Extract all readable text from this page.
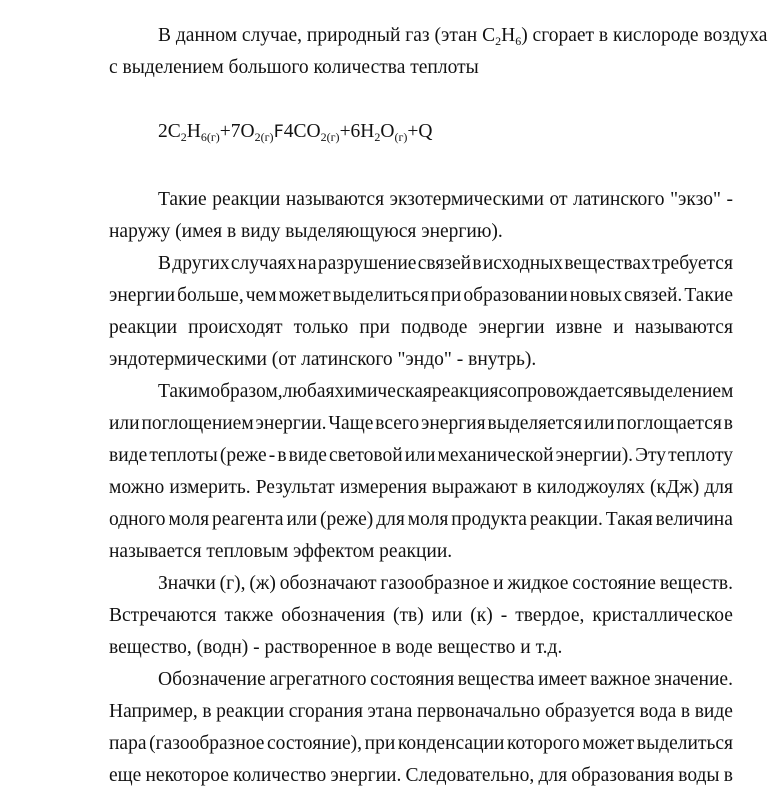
В данном случае, природный газ (этан $C_2H_6$) сгорает в кислороде воздуха
с выделением большого количества теплоты
$2C_2H_{6(г)}+7O_{2(г)}F4CO_{2(г)}+6H_2O_{(г)}+Q$
Такие реакции называются экзотермическими от латинского "экзо" -
наружу (имея в виду выделяющуюся энергию).
В других случаях на разрушение связей в исходных веществах требуется
энергии больше, чем может выделиться при образовании новых связей. Такие
реакции происходят только при подводе энергии извне и называются
эндотермическими (от латинского "эндо" - внутрь).
Таким образом, любая химическая реакция сопровождается выделением
или поглощением энергии. Чаще всего энергия выделяется или поглощается в
виде теплоты (реже - в виде световой или механической энергии). Эту теплоту
можно измерить. Результат измерения выражают в килоджоулях (кДж) для
одного моля реагента или (реже) для моля продукта реакции. Такая величина
называется тепловым эффектом реакции.
Значки (г), (ж) обозначают газообразное и жидкое состояние веществ.
Встречаются также обозначения (тв) или (к) - твердое, кристаллическое
вещество, (водн) - растворенное в воде вещество и т.д.
Обозначение агрегатного состояния вещества имеет важное значение.
Например, в реакции сгорания этана первоначально образуется вода в виде
пара (газообразное состояние), при конденсации которого может выделиться
еще некоторое количество энергии. Следовательно, для образования воды в
